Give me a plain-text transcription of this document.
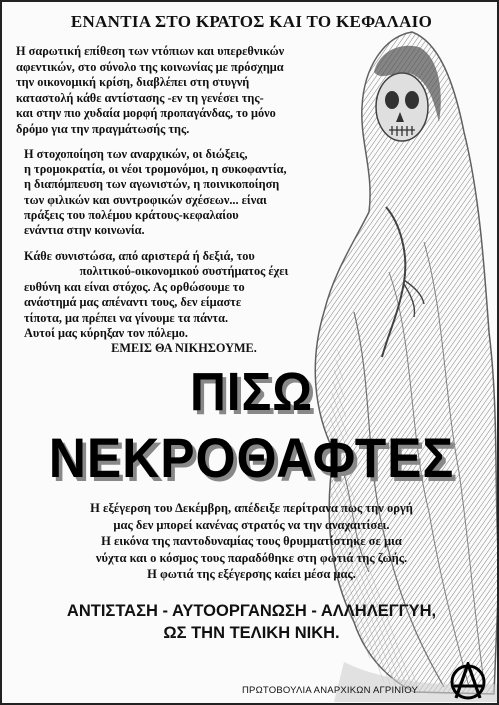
ΕΝΑΝΤΙΑ ΣΤΟ ΚΡΑΤΟΣ ΚΑΙ ΤΟ ΚΕΦΑΛΑΙΟ
Η σαρωτική επίθεση των ντόπιων και υπερεθνικών
αφεντικών, στο σύνολο της κοινωνίας με πρόσχημα
την οικονομική κρίση, διαβλέπει στη στυγνή
καταστολή κάθε αντίστασης -εν τη γενέσει της-
και στην πιο χυδαία μορφή προπαγάνδας, το μόνο
δρόμο για την πραγμάτωσής της.
Η στοχοποίηση των αναρχικών, οι διώξεις,
η τρομοκρατία, οι νέοι τρομονόμοι, η συκοφαντία,
η διαπόμπευση των αγωνιστών, η ποινικοποίηση
των φιλικών και συντροφικών σχέσεων... είναι
πράξεις του πολέμου κράτους-κεφαλαίου
ενάντια στην κοινωνία.
Κάθε συνιστώσα, από αριστερά ή δεξιά, του
πολιτικού-οικονομικού συστήματος έχει
ευθύνη και είναι στόχος. Ας ορθώσουμε το
ανάστημά μας απέναντι τους, δεν είμαστε
τίποτα, μα πρέπει να γίνουμε τα πάντα.
Αυτοί μας κύρηξαν τον πόλεμο.
ΕΜΕΙΣ ΘΑ ΝΙΚΗΣΟΥΜΕ.
ΠΙΣΩ
ΝΕΚΡΟΘΑΦΤΕΣ
Η εξέγερση του Δεκέμβρη, απέδειξε περίτρανα πως την οργή
μας δεν μπορεί κανένας στρατός να την αναχαιτίσει.
Η εικόνα της παντοδυναμίας τους θρυμματίστηκε σε μια
νύχτα και ο κόσμος τους παραδόθηκε στη φωτιά της ζωής.
Η φωτιά της εξέγερσης καίει μέσα μας.
ΑΝΤΙΣΤΑΣΗ - ΑΥΤΟΟΡΓΑΝΩΣΗ - ΑΛΛΗΛΕΓΓΥΗ,
ΩΣ ΤΗΝ ΤΕΛΙΚΗ ΝΙΚΗ.
ΠΡΩΤΟΒΟΥΛΙΑ ΑΝΑΡΧΙΚΩΝ ΑΓΡΙΝΙΟΥ
